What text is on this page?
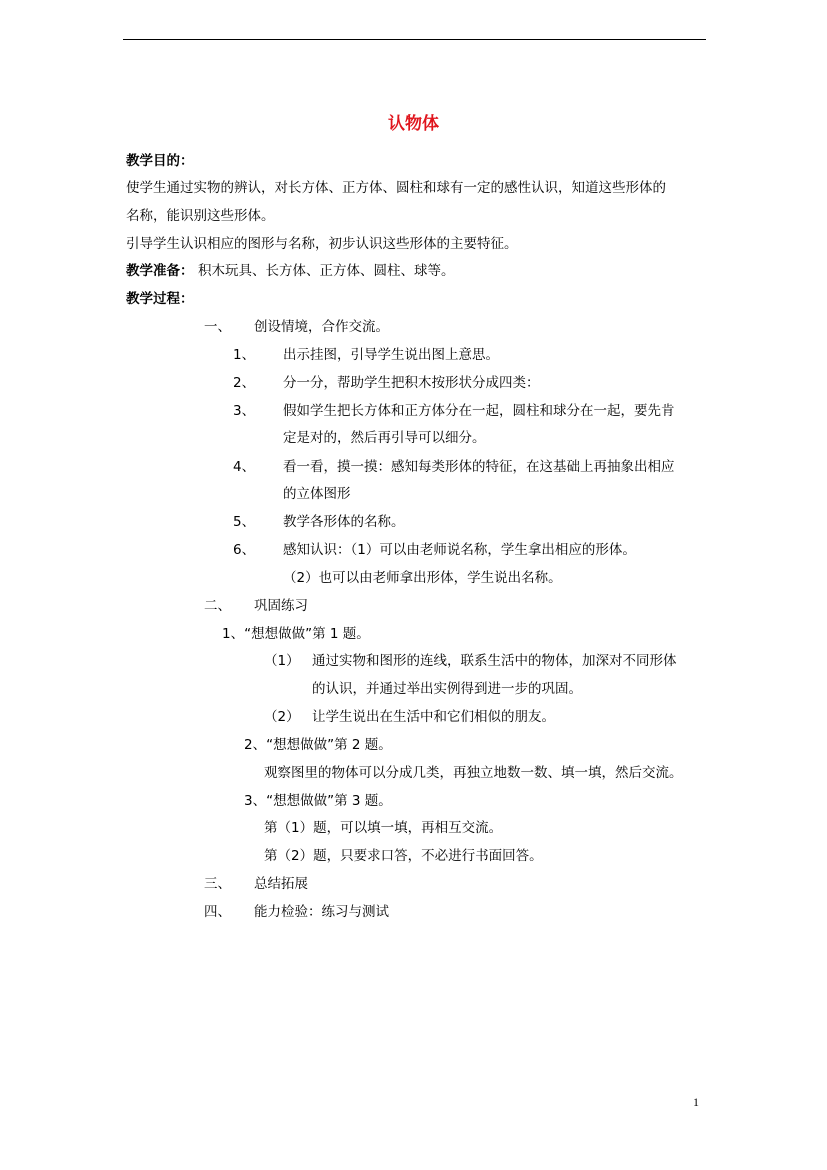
认物体
教学目的：
使学生通过实物的辨认，对长方体、正方体、圆柱和球有一定的感性认识，知道这些形体的
名称，能识别这些形体。
引导学生认识相应的图形与名称，初步认识这些形体的主要特征。
教学准备： 积木玩具、长方体、正方体、圆柱、球等。
教学过程：
一、 创设情境，合作交流。
1、 出示挂图，引导学生说出图上意思。
2、 分一分，帮助学生把积木按形状分成四类：
3、 假如学生把长方体和正方体分在一起，圆柱和球分在一起，要先肯
定是对的，然后再引导可以细分。
4、 看一看，摸一摸：感知每类形体的特征，在这基础上再抽象出相应
的立体图形
5、 教学各形体的名称。
6、 感知认识：（1）可以由老师说名称，学生拿出相应的形体。
（2）也可以由老师拿出形体，学生说出名称。
二、 巩固练习
1、“想想做做”第 1 题。
（1） 通过实物和图形的连线，联系生活中的物体，加深对不同形体
的认识，并通过举出实例得到进一步的巩固。
（2） 让学生说出在生活中和它们相似的朋友。
2、“想想做做”第 2 题。
观察图里的物体可以分成几类，再独立地数一数、填一填，然后交流。
3、“想想做做”第 3 题。
第（1）题，可以填一填，再相互交流。
第（2）题，只要求口答，不必进行书面回答。
三、 总结拓展
四、 能力检验：练习与测试
1
